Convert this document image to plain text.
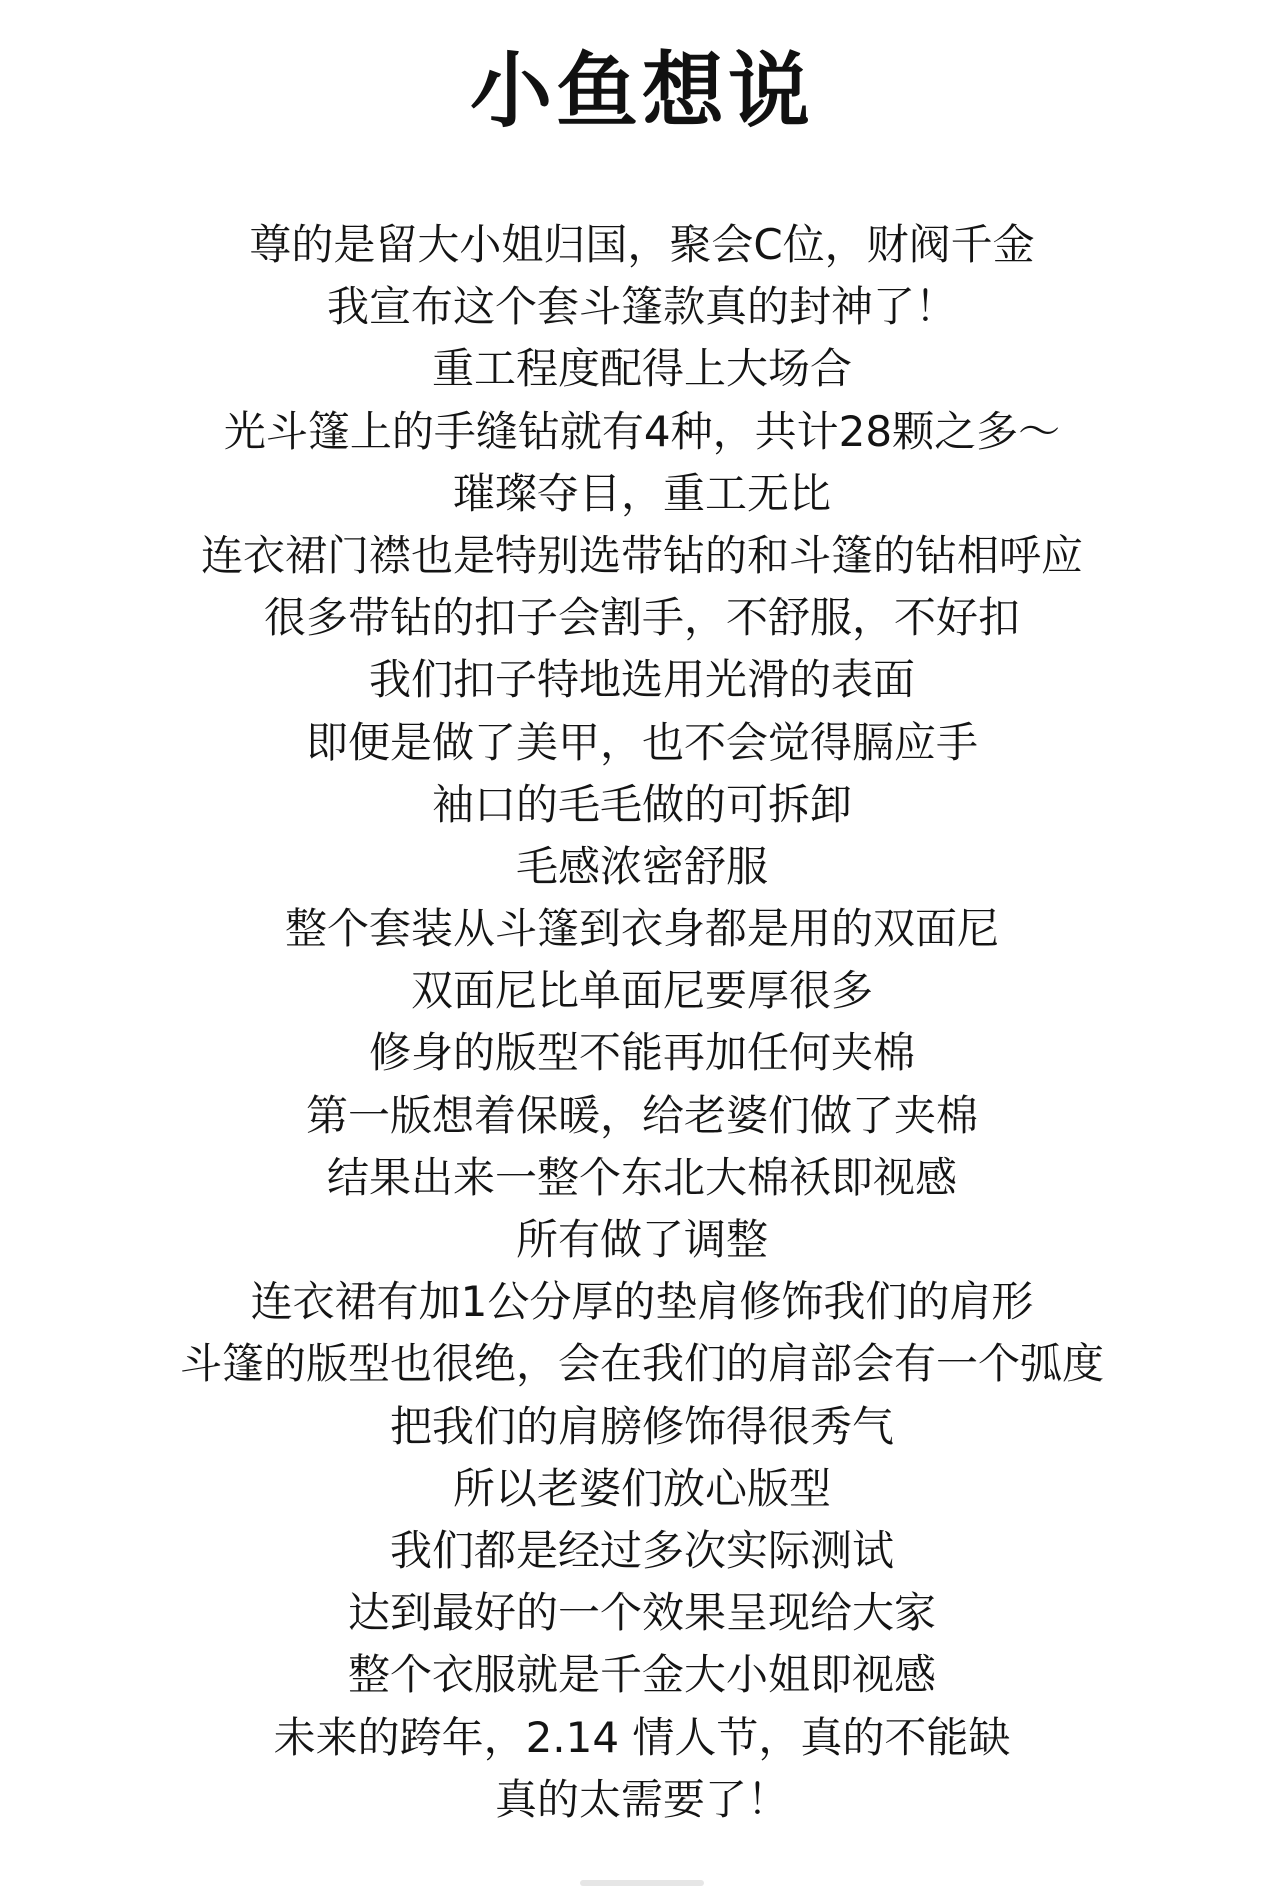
小鱼想说
尊的是留大小姐归国，聚会C位，财阀千金
我宣布这个套斗篷款真的封神了！
重工程度配得上大场合
光斗篷上的手缝钻就有4种，共计28颗之多～
璀璨夺目，重工无比
连衣裙门襟也是特别选带钻的和斗篷的钻相呼应
很多带钻的扣子会割手，不舒服，不好扣
我们扣子特地选用光滑的表面
即便是做了美甲，也不会觉得膈应手
袖口的毛毛做的可拆卸
毛感浓密舒服
整个套装从斗篷到衣身都是用的双面尼
双面尼比单面尼要厚很多
修身的版型不能再加任何夹棉
第一版想着保暖，给老婆们做了夹棉
结果出来一整个东北大棉袄即视感
所有做了调整
连衣裙有加1公分厚的垫肩修饰我们的肩形
斗篷的版型也很绝，会在我们的肩部会有一个弧度
把我们的肩膀修饰得很秀气
所以老婆们放心版型
我们都是经过多次实际测试
达到最好的一个效果呈现给大家
整个衣服就是千金大小姐即视感
未来的跨年，2.14 情人节，真的不能缺
真的太需要了！
